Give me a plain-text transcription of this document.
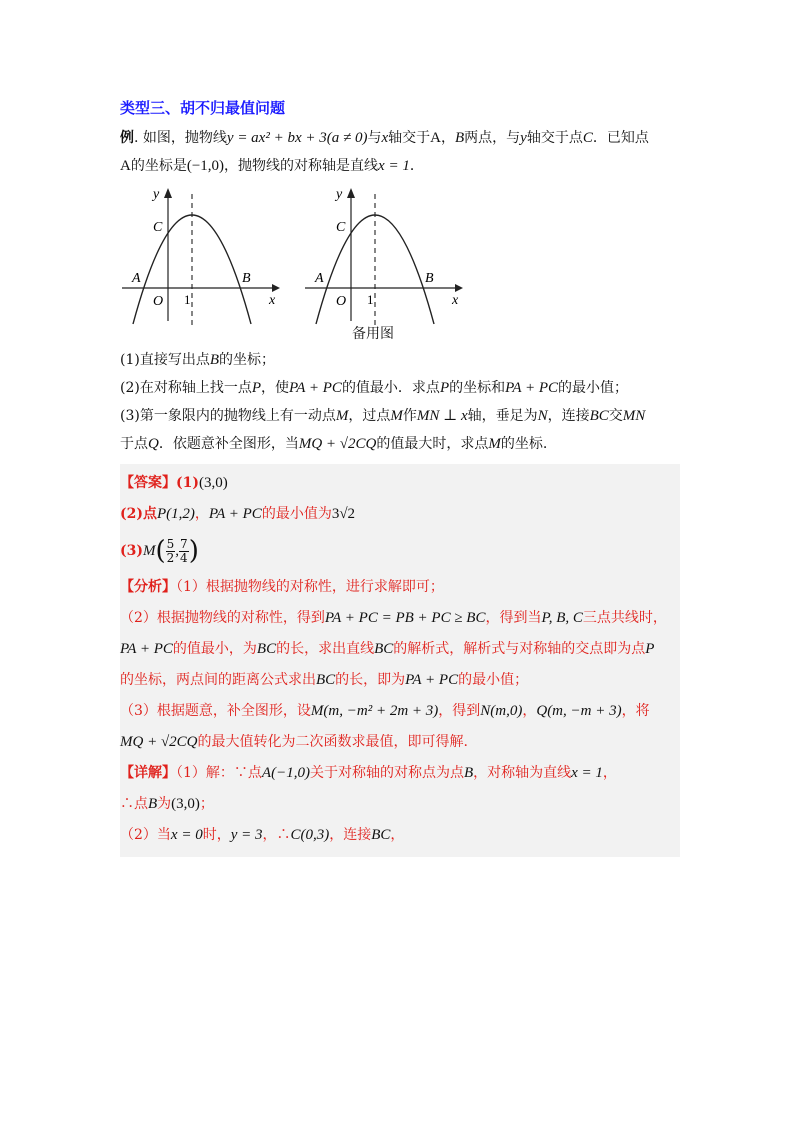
类型三、胡不归最值问题
例. 如图，抛物线y = ax² + bx + 3(a ≠ 0)与x轴交于A，B两点，与y轴交于点C．已知点
A的坐标是(−1,0)，抛物线的对称轴是直线x = 1．
y
x
C
A	B
O 1
y
x
C
A	B
O 1
备用图
(1)直接写出点B的坐标；
(2)在对称轴上找一点P，使PA + PC的值最小．求点P的坐标和PA + PC的最小值；
(3)第一象限内的抛物线上有一动点M，过点M作MN ⊥ x轴，垂足为N，连接BC交MN
于点Q．依题意补全图形，当MQ + √2CQ的值最大时，求点M的坐标.
【答案】(1)(3,0)
(2)点P(1,2)，PA + PC的最小值为3√2
$(3)M( \frac{5}{2}$ , $\frac{7}{4}$ )
【分析】（1）根据抛物线的对称性，进行求解即可；
（2）根据抛物线的对称性，得到PA + PC = PB + PC ≥ BC，得到当P, B, C三点共线时，
PA + PC的值最小，为BC的长，求出直线BC的解析式，解析式与对称轴的交点即为点P
的坐标，两点间的距离公式求出BC的长，即为PA + PC的最小值；
（3）根据题意，补全图形，设M(m, −m² + 2m + 3)，得到N(m,0)，Q(m, −m + 3)，将
MQ + √2CQ的最大值转化为二次函数求最值，即可得解.
【详解】（1）解：∵点A(−1,0)关于对称轴的对称点为点B，对称轴为直线x = 1，
∴点B为(3,0)；
（2）当x = 0时，y = 3，∴C(0,3)，连接BC，
